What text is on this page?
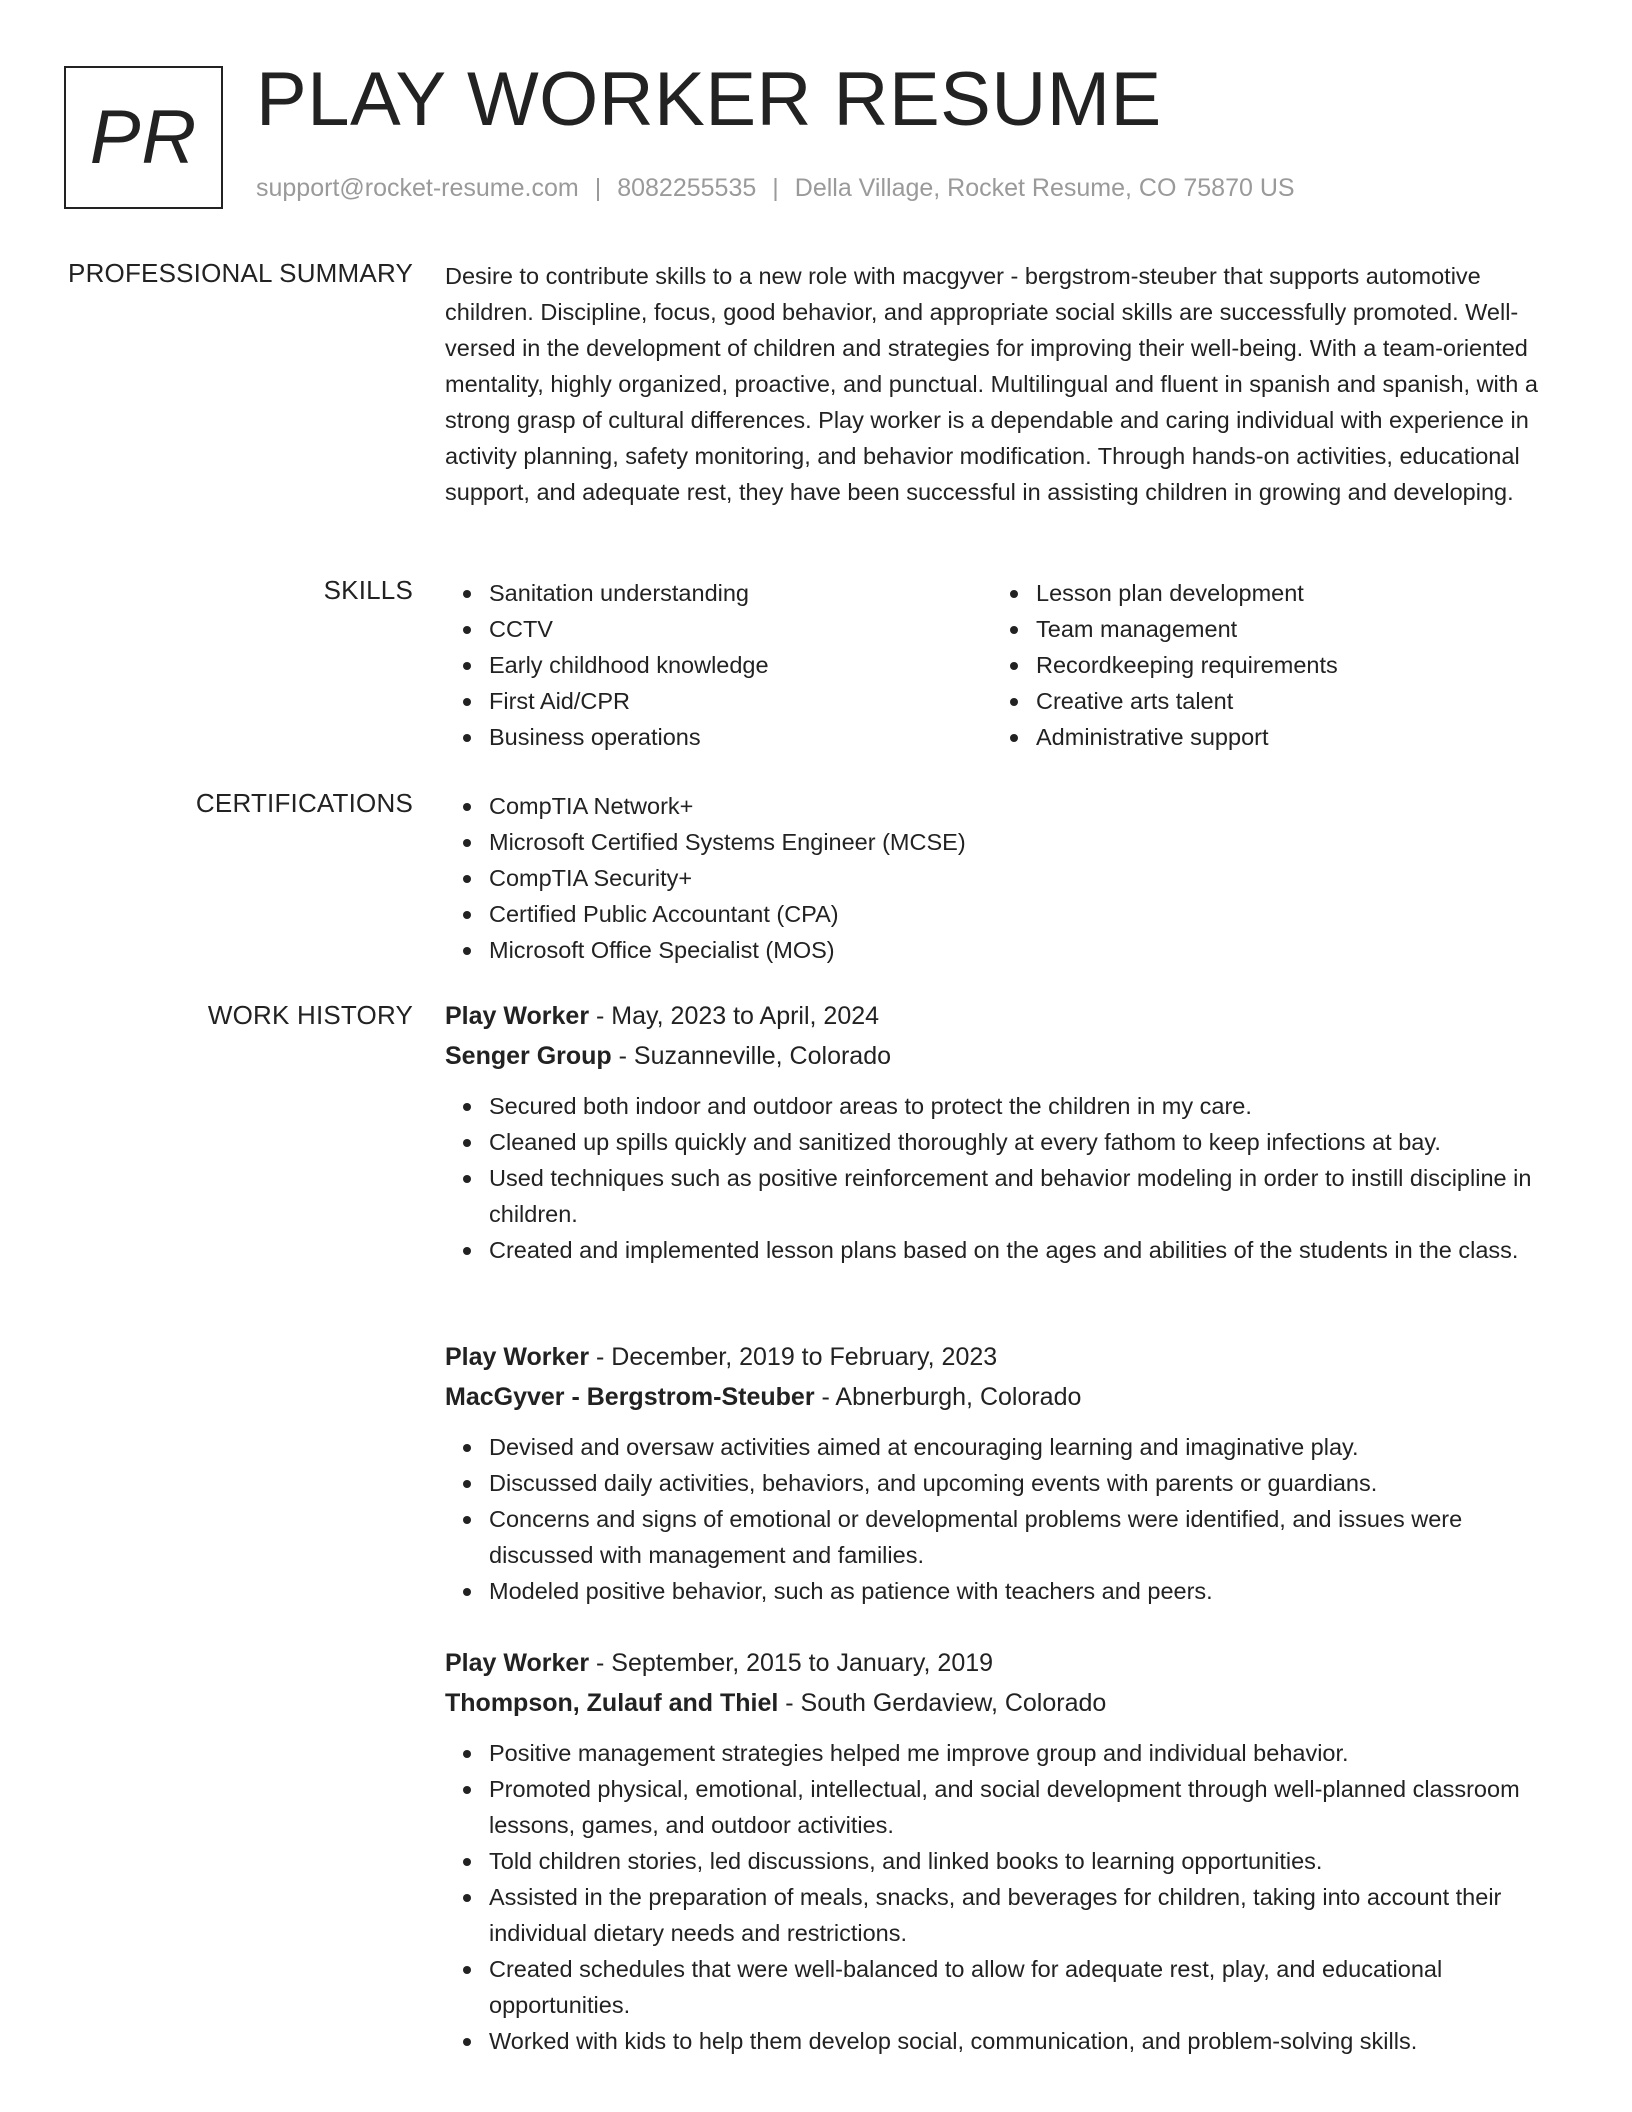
PR PLAY WORKER RESUME
support@rocket-resume.com | 8082255535 | Della Village, Rocket Resume, CO 75870 US
PROFESSIONAL SUMMARY Desire to contribute skills to a new role with macgyver - bergstrom-steuber that supports automotive children. Discipline, focus, good behavior, and appropriate social skills are successfully promoted. Well-versed in the development of children and strategies for improving their well-being. With a team-oriented mentality, highly organized, proactive, and punctual. Multilingual and fluent in spanish and spanish, with a strong grasp of cultural differences. Play worker is a dependable and caring individual with experience in activity planning, safety monitoring, and behavior modification. Through hands-on activities, educational support, and adequate rest, they have been successful in assisting children in growing and developing.

SKILLS	Sanitation understanding
CCTV
Early childhood knowledge
First Aid/CPR
Business operations
Lesson plan development
Team management
Recordkeeping requirements
Creative arts talent
Administrative support
CERTIFICATIONS	CompTIA Network+
Microsoft Certified Systems Engineer (MCSE)
CompTIA Security+
Certified Public Accountant (CPA)
Microsoft Office Specialist (MOS)
WORK HISTORY Play Worker - May, 2023 to April, 2024
Senger Group - Suzanneville, Colorado
Secured both indoor and outdoor areas to protect the children in my care.
Cleaned up spills quickly and sanitized thoroughly at every fathom to keep infections at bay.
Used techniques such as positive reinforcement and behavior modeling in order to instill discipline in children.
Created and implemented lesson plans based on the ages and abilities of the students in the class.
Play Worker - December, 2019 to February, 2023
MacGyver - Bergstrom-Steuber - Abnerburgh, Colorado
Devised and oversaw activities aimed at encouraging learning and imaginative play.
Discussed daily activities, behaviors, and upcoming events with parents or guardians.
Concerns and signs of emotional or developmental problems were identified, and issues were discussed with management and families.
Modeled positive behavior, such as patience with teachers and peers.
Play Worker - September, 2015 to January, 2019
Thompson, Zulauf and Thiel - South Gerdaview, Colorado
Positive management strategies helped me improve group and individual behavior.
Promoted physical, emotional, intellectual, and social development through well-planned classroom lessons, games, and outdoor activities.
Told children stories, led discussions, and linked books to learning opportunities.
Assisted in the preparation of meals, snacks, and beverages for children, taking into account their individual dietary needs and restrictions.
Created schedules that were well-balanced to allow for adequate rest, play, and educational opportunities.
Worked with kids to help them develop social, communication, and problem-solving skills.
